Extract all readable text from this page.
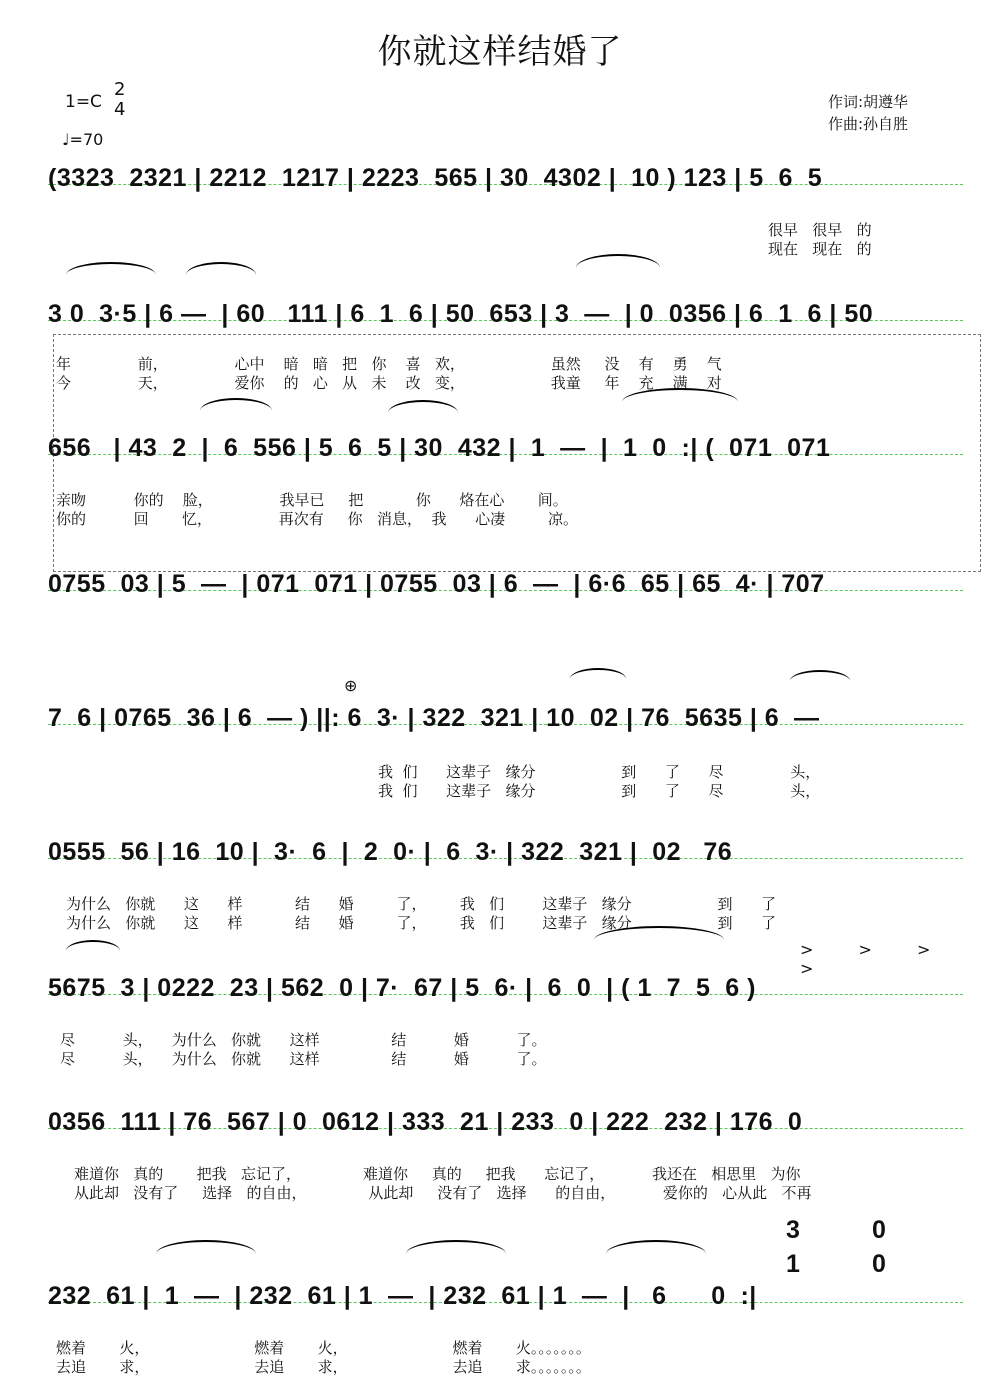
你就这样结婚了
1=C
2
4
♩=70
作词:胡遵华
作曲:孙自胜
(3323  2321 | 2212  1217 | 2223  565 | 30  4302 |  10 ) 123 | 5  6  5
很早   很早   的
现在   现在   的
3 0  3·5 | 6 —  | 60   111 | 6  1  6 | 50  653 | 3  —  | 0  0356 | 6  1  6 | 50
年              前，              心中    暗   暗   把   你    喜   欢，                  虽然     没    有    勇    气
今              天，              爱你    的   心   从   未    改   变，                  我童     年    充    满    对
656   | 43  2  |  6  556 | 5  6  5 | 30  432 |  1  —  |  1  0  :| (  071  071
亲吻          你的    脸，              我早已     把           你      烙在心       间。
你的          回       忆，              再次有     你   消息，  我      心凄         凉。
0755  03 | 5  —  | 071  071 | 0755  03 | 6  —  | 6·6  65 | 65  4· | 707
⊕
7  6 | 0765  36 | 6  — ) ||: 6  3· | 322  321 | 10  02 | 76  5635 | 6  —
我  们      这辈子   缘分                  到      了      尽              头，
我  们      这辈子   缘分                  到      了      尽              头，
0555  56 | 16  10 |  3·  6  |  2  0· |  6  3· | 322  321 |  02   76
为什么   你就      这      样           结      婚         了，       我   们        这辈子   缘分                  到      了
为什么   你就      这      样           结      婚         了，       我   们        这辈子   缘分                  到      了
> > > >
5675  3 | 0222  23 | 562  0 | 7·  67 | 5  6· |  6  0  | ( 1  7  5  6 )
尽          头，    为什么   你就      这样               结          婚          了。
尽          头，    为什么   你就      这样               结          婚          了。
0356  111 | 76  567 | 0  0612 | 333  21 | 233  0 | 222  232 | 176  0
难道你   真的       把我   忘记了，             难道你     真的     把我      忘记了，          我还在   相思里   为你
从此却   没有了     选择   的自由，             从此却     没有了   选择      的自由，          爱你的   心从此   不再
3	0
1	0
232  61 |  1  —  | 232  61 | 1  —  | 232  61 | 1  —  |   6      0  :|
燃着       火，                      燃着       火，                      燃着       火。。。。。。。
去追       求，                      去追       求，                      去追       求。。。。。。。
